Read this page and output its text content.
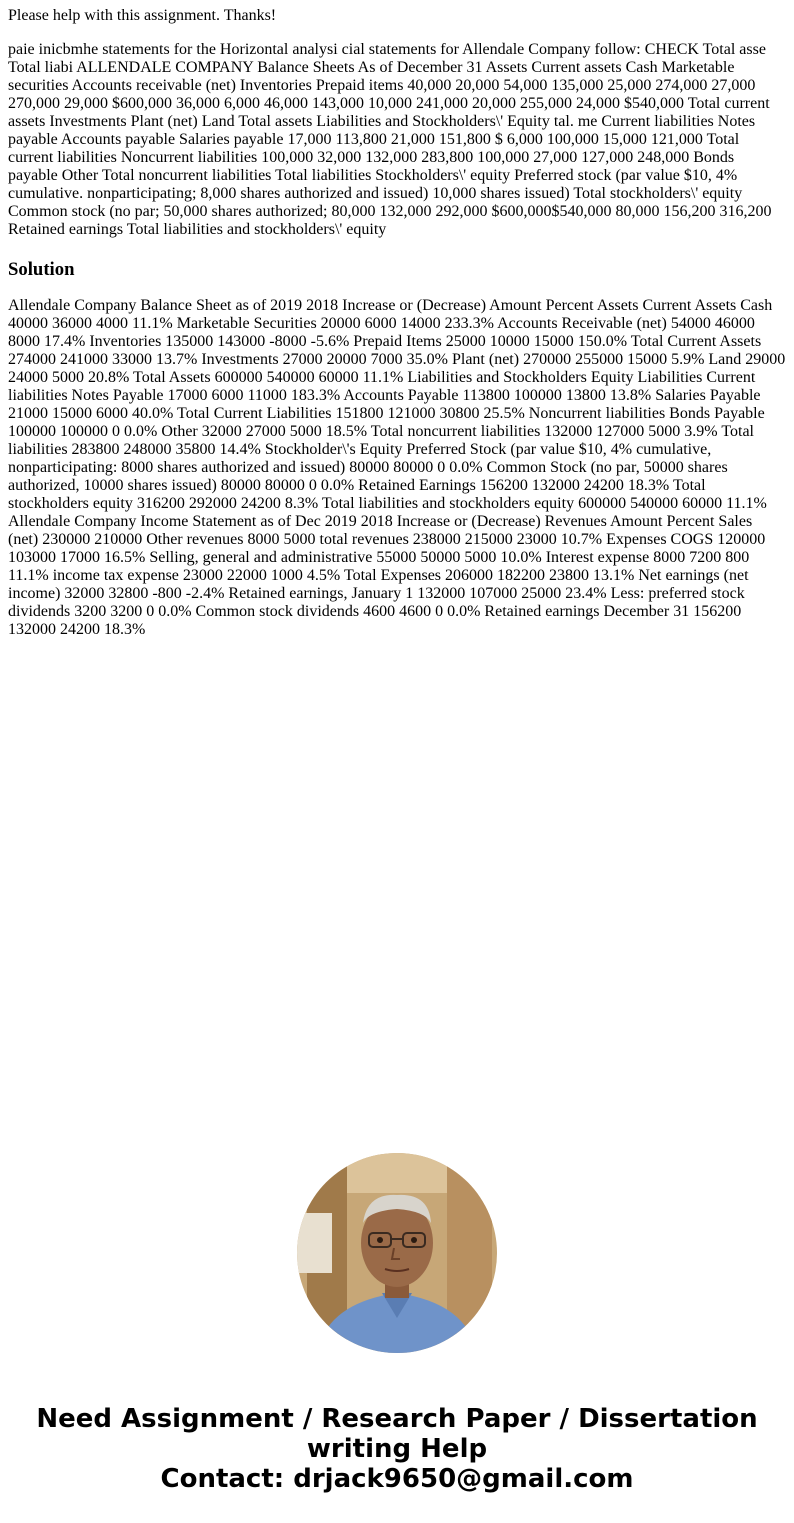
Please help with this assignment. Thanks!

paie inicbmhe statements for the Horizontal analysi cial statements for Allendale Company follow: CHECK Total asse Total liabi ALLENDALE COMPANY Balance Sheets As of December 31 Assets Current assets Cash Marketable securities Accounts receivable (net) Inventories Prepaid items 40,000 20,000 54,000 135,000 25,000 274,000 27,000 270,000 29,000 $600,000 36,000 6,000 46,000 143,000 10,000 241,000 20,000 255,000 24,000 $540,000 Total current assets Investments Plant (net) Land Total assets Liabilities and Stockholders\' Equity tal. me Current liabilities Notes payable Accounts payable Salaries payable 17,000 113,800 21,000 151,800 $ 6,000 100,000 15,000 121,000 Total current liabilities Noncurrent liabilities 100,000 32,000 132,000 283,800 100,000 27,000 127,000 248,000 Bonds payable Other Total noncurrent liabilities Total liabilities Stockholders\' equity Preferred stock (par value $10, 4% cumulative. nonparticipating; 8,000 shares authorized and issued) 10,000 shares issued) Total stockholders\' equity Common stock (no par; 50,000 shares authorized; 80,000 132,000 292,000 $600,000$540,000 80,000 156,200 316,200 Retained earnings Total liabilities and stockholders\' equity

Solution

Allendale Company Balance Sheet as of 2019 2018 Increase or (Decrease) Amount Percent Assets Current Assets Cash 40000 36000 4000 11.1% Marketable Securities 20000 6000 14000 233.3% Accounts Receivable (net) 54000 46000 8000 17.4% Inventories 135000 143000 -8000 -5.6% Prepaid Items 25000 10000 15000 150.0% Total Current Assets 274000 241000 33000 13.7% Investments 27000 20000 7000 35.0% Plant (net) 270000 255000 15000 5.9% Land 29000 24000 5000 20.8% Total Assets 600000 540000 60000 11.1% Liabilities and Stockholders Equity Liabilities Current liabilities Notes Payable 17000 6000 11000 183.3% Accounts Payable 113800 100000 13800 13.8% Salaries Payable 21000 15000 6000 40.0% Total Current Liabilities 151800 121000 30800 25.5% Noncurrent liabilities Bonds Payable 100000 100000 0 0.0% Other 32000 27000 5000 18.5% Total noncurrent liabilities 132000 127000 5000 3.9% Total liabilities 283800 248000 35800 14.4% Stockholder\'s Equity Preferred Stock (par value $10, 4% cumulative, nonparticipating: 8000 shares authorized and issued) 80000 80000 0 0.0% Common Stock (no par, 50000 shares authorized, 10000 shares issued) 80000 80000 0 0.0% Retained Earnings 156200 132000 24200 18.3% Total stockholders equity 316200 292000 24200 8.3% Total liabilities and stockholders equity 600000 540000 60000 11.1% Allendale Company Income Statement as of Dec 2019 2018 Increase or (Decrease) Revenues Amount Percent Sales (net) 230000 210000 Other revenues 8000 5000 total revenues 238000 215000 23000 10.7% Expenses COGS 120000 103000 17000 16.5% Selling, general and administrative 55000 50000 5000 10.0% Interest expense 8000 7200 800 11.1% income tax expense 23000 22000 1000 4.5% Total Expenses 206000 182200 23800 13.1% Net earnings (net income) 32000 32800 -800 -2.4% Retained earnings, January 1 132000 107000 25000 23.4% Less: preferred stock dividends 3200 3200 0 0.0% Common stock dividends 4600 4600 0 0.0% Retained earnings December 31 156200 132000 24200 18.3%

Need Assignment / Research Paper / Dissertation
writing Help
Contact: drjack9650@gmail.com
